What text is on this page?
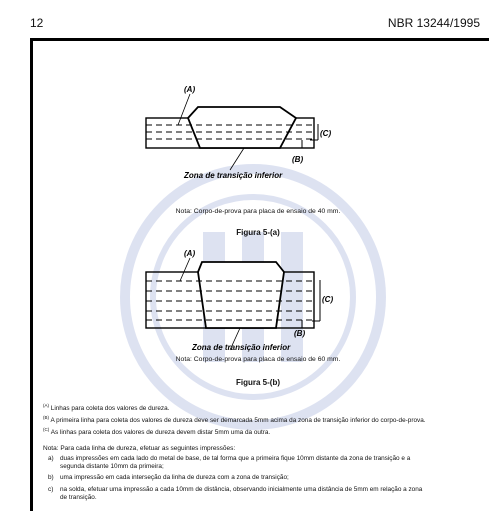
12	NBR 13244/1995
(A)
(C)
(B)
Zona de transição inferior
Nota: Corpo-de-prova para placa de ensaio de 40 mm.
Figura 5-(a)
(A)
(C)
(B)
Zona de transição inferior
Nota: Corpo-de-prova para placa de ensaio de 60 mm.
Figura 5-(b)
$^{(A)}$ Linhas para coleta dos valores de dureza.
$^{(B)}$ A primeira linha para coleta dos valores de dureza deve ser demarcada 5mm acima da zona de transição inferior do corpo-de-prova.
$^{(C)}$ As linhas para coleta dos valores de dureza devem distar 5mm uma da outra.
Nota: Para cada linha de dureza, efetuar as seguintes impressões:
a) duas impressões em cada lado do metal de base, de tal forma que a primeira fique 10mm distante da zona de transição e a segunda distante 10mm da primeira;
b) uma impressão em cada interseção da linha de dureza com a zona de transição;
c) na solda, efetuar uma impressão a cada 10mm de distância, observando inicialmente uma distância de 5mm em relação a zona de transição.
